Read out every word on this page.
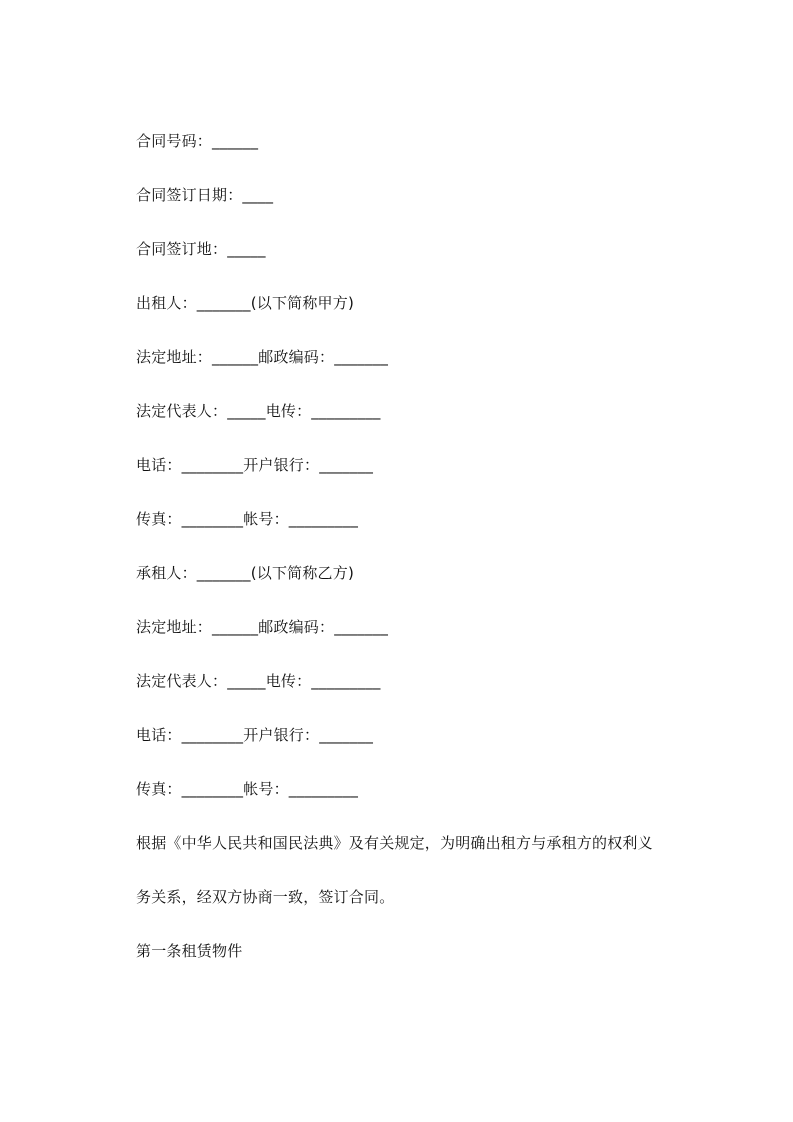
合同号码：______
合同签订日期：____
合同签订地：_____
出租人：_______(以下简称甲方)
法定地址：______邮政编码：_______
法定代表人：_____电传：_________
电话：________开户银行：_______
传真：________帐号：_________
承租人：_______(以下简称乙方)
法定地址：______邮政编码：_______
法定代表人：_____电传：_________
电话：________开户银行：_______
传真：________帐号：_________
根据《中华人民共和国民法典》及有关规定，为明确出租方与承租方的权利义
务关系，经双方协商一致，签订合同。
第一条租赁物件
